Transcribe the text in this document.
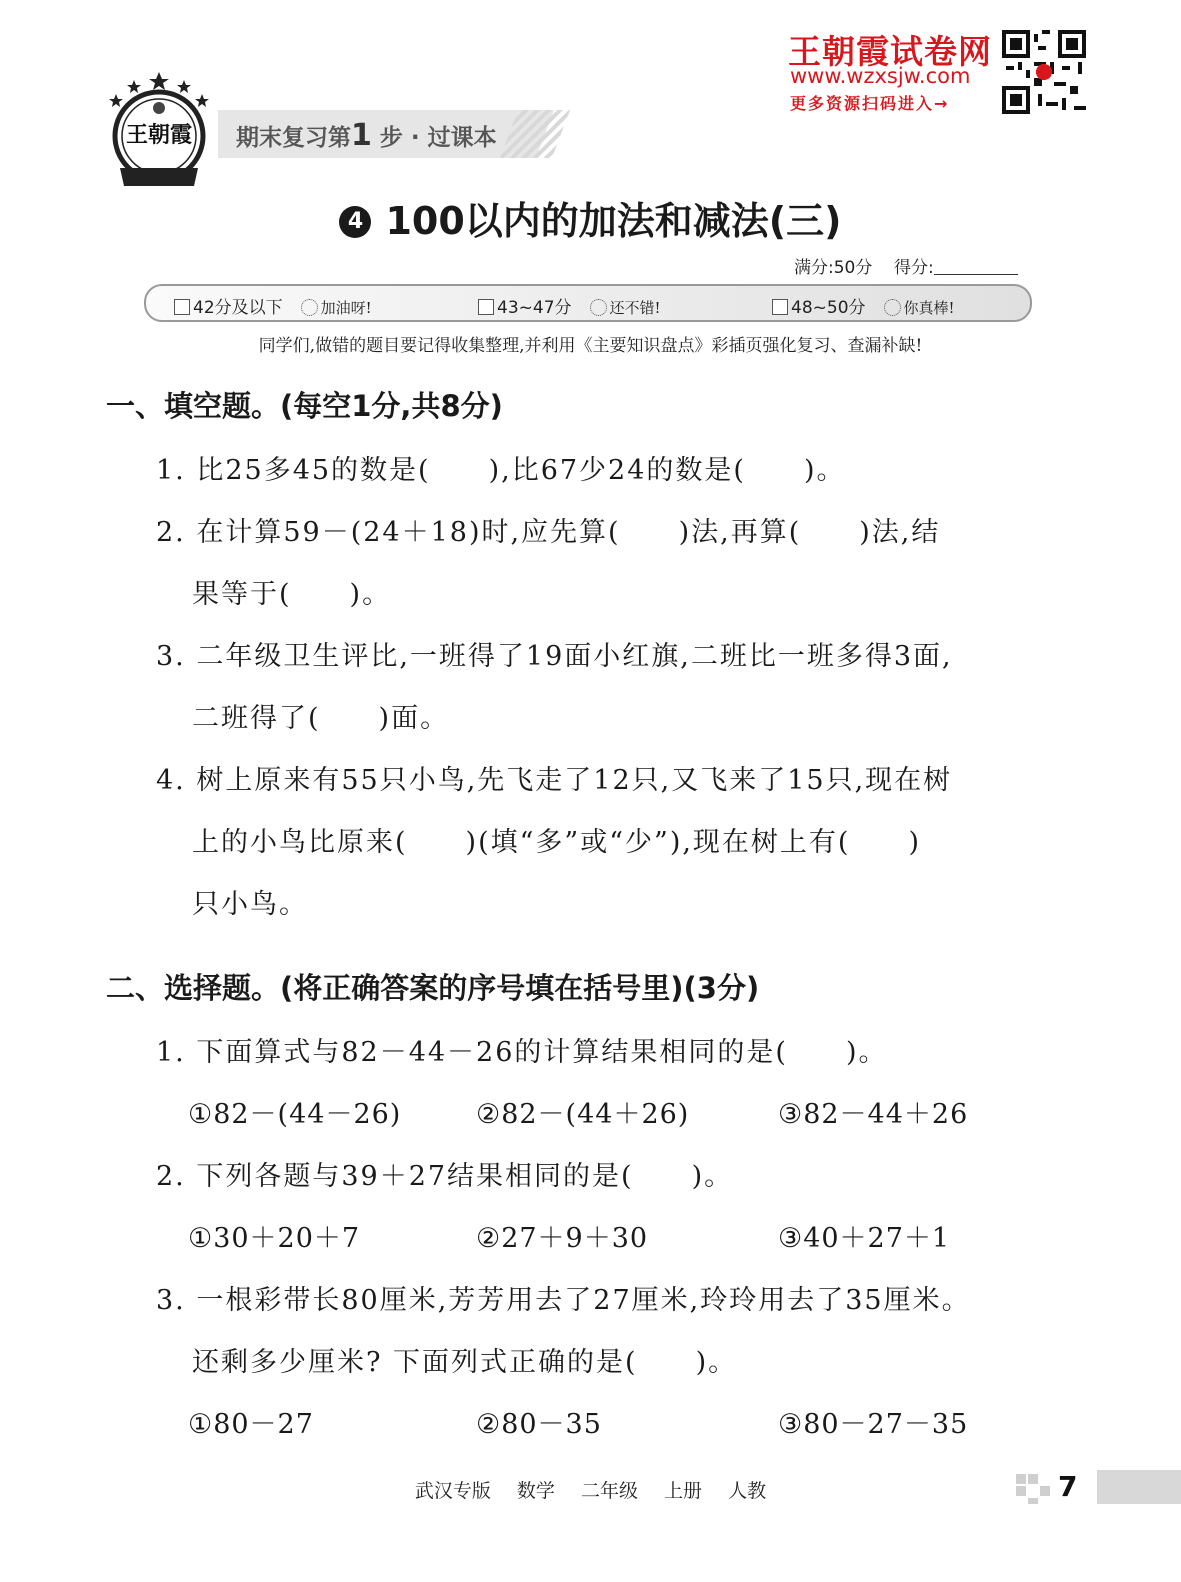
王朝霞 期末复习第1 步 · 过课本
王朝霞试卷网
www.wzxsjw.com
更多资源扫码进入→
4 100以内的加法和减法(三)
满分:50分 得分:
42分及以下	加油呀!	43~47分	还不错!	48~50分	你真棒!
同学们,做错的题目要记得收集整理,并利用《主要知识盘点》彩插页强化复习、查漏补缺!
一、填空题。(每空1分,共8分)
1. 比25多45的数是(　　),比67少24的数是(　　)。
2. 在计算59－(24＋18)时,应先算(　　)法,再算(　　)法,结
果等于(　　)。
3. 二年级卫生评比,一班得了19面小红旗,二班比一班多得3面,
二班得了(　　)面。
4. 树上原来有55只小鸟,先飞走了12只,又飞来了15只,现在树
上的小鸟比原来(　　)(填“多”或“少”),现在树上有(　　)
只小鸟。
二、选择题。(将正确答案的序号填在括号里)(3分)
1. 下面算式与82－44－26的计算结果相同的是(　　)。
①82－(44－26)	②82－(44＋26)	③82－44＋26
2. 下列各题与39＋27结果相同的是(　　)。
①30＋20＋7	②27＋9＋30	③40＋27＋1
3. 一根彩带长80厘米,芳芳用去了27厘米,玲玲用去了35厘米。
还剩多少厘米? 下面列式正确的是(　　)。
①80－27	②80－35	③80－27－35
武汉专版 数学 二年级 上册 人教	7
